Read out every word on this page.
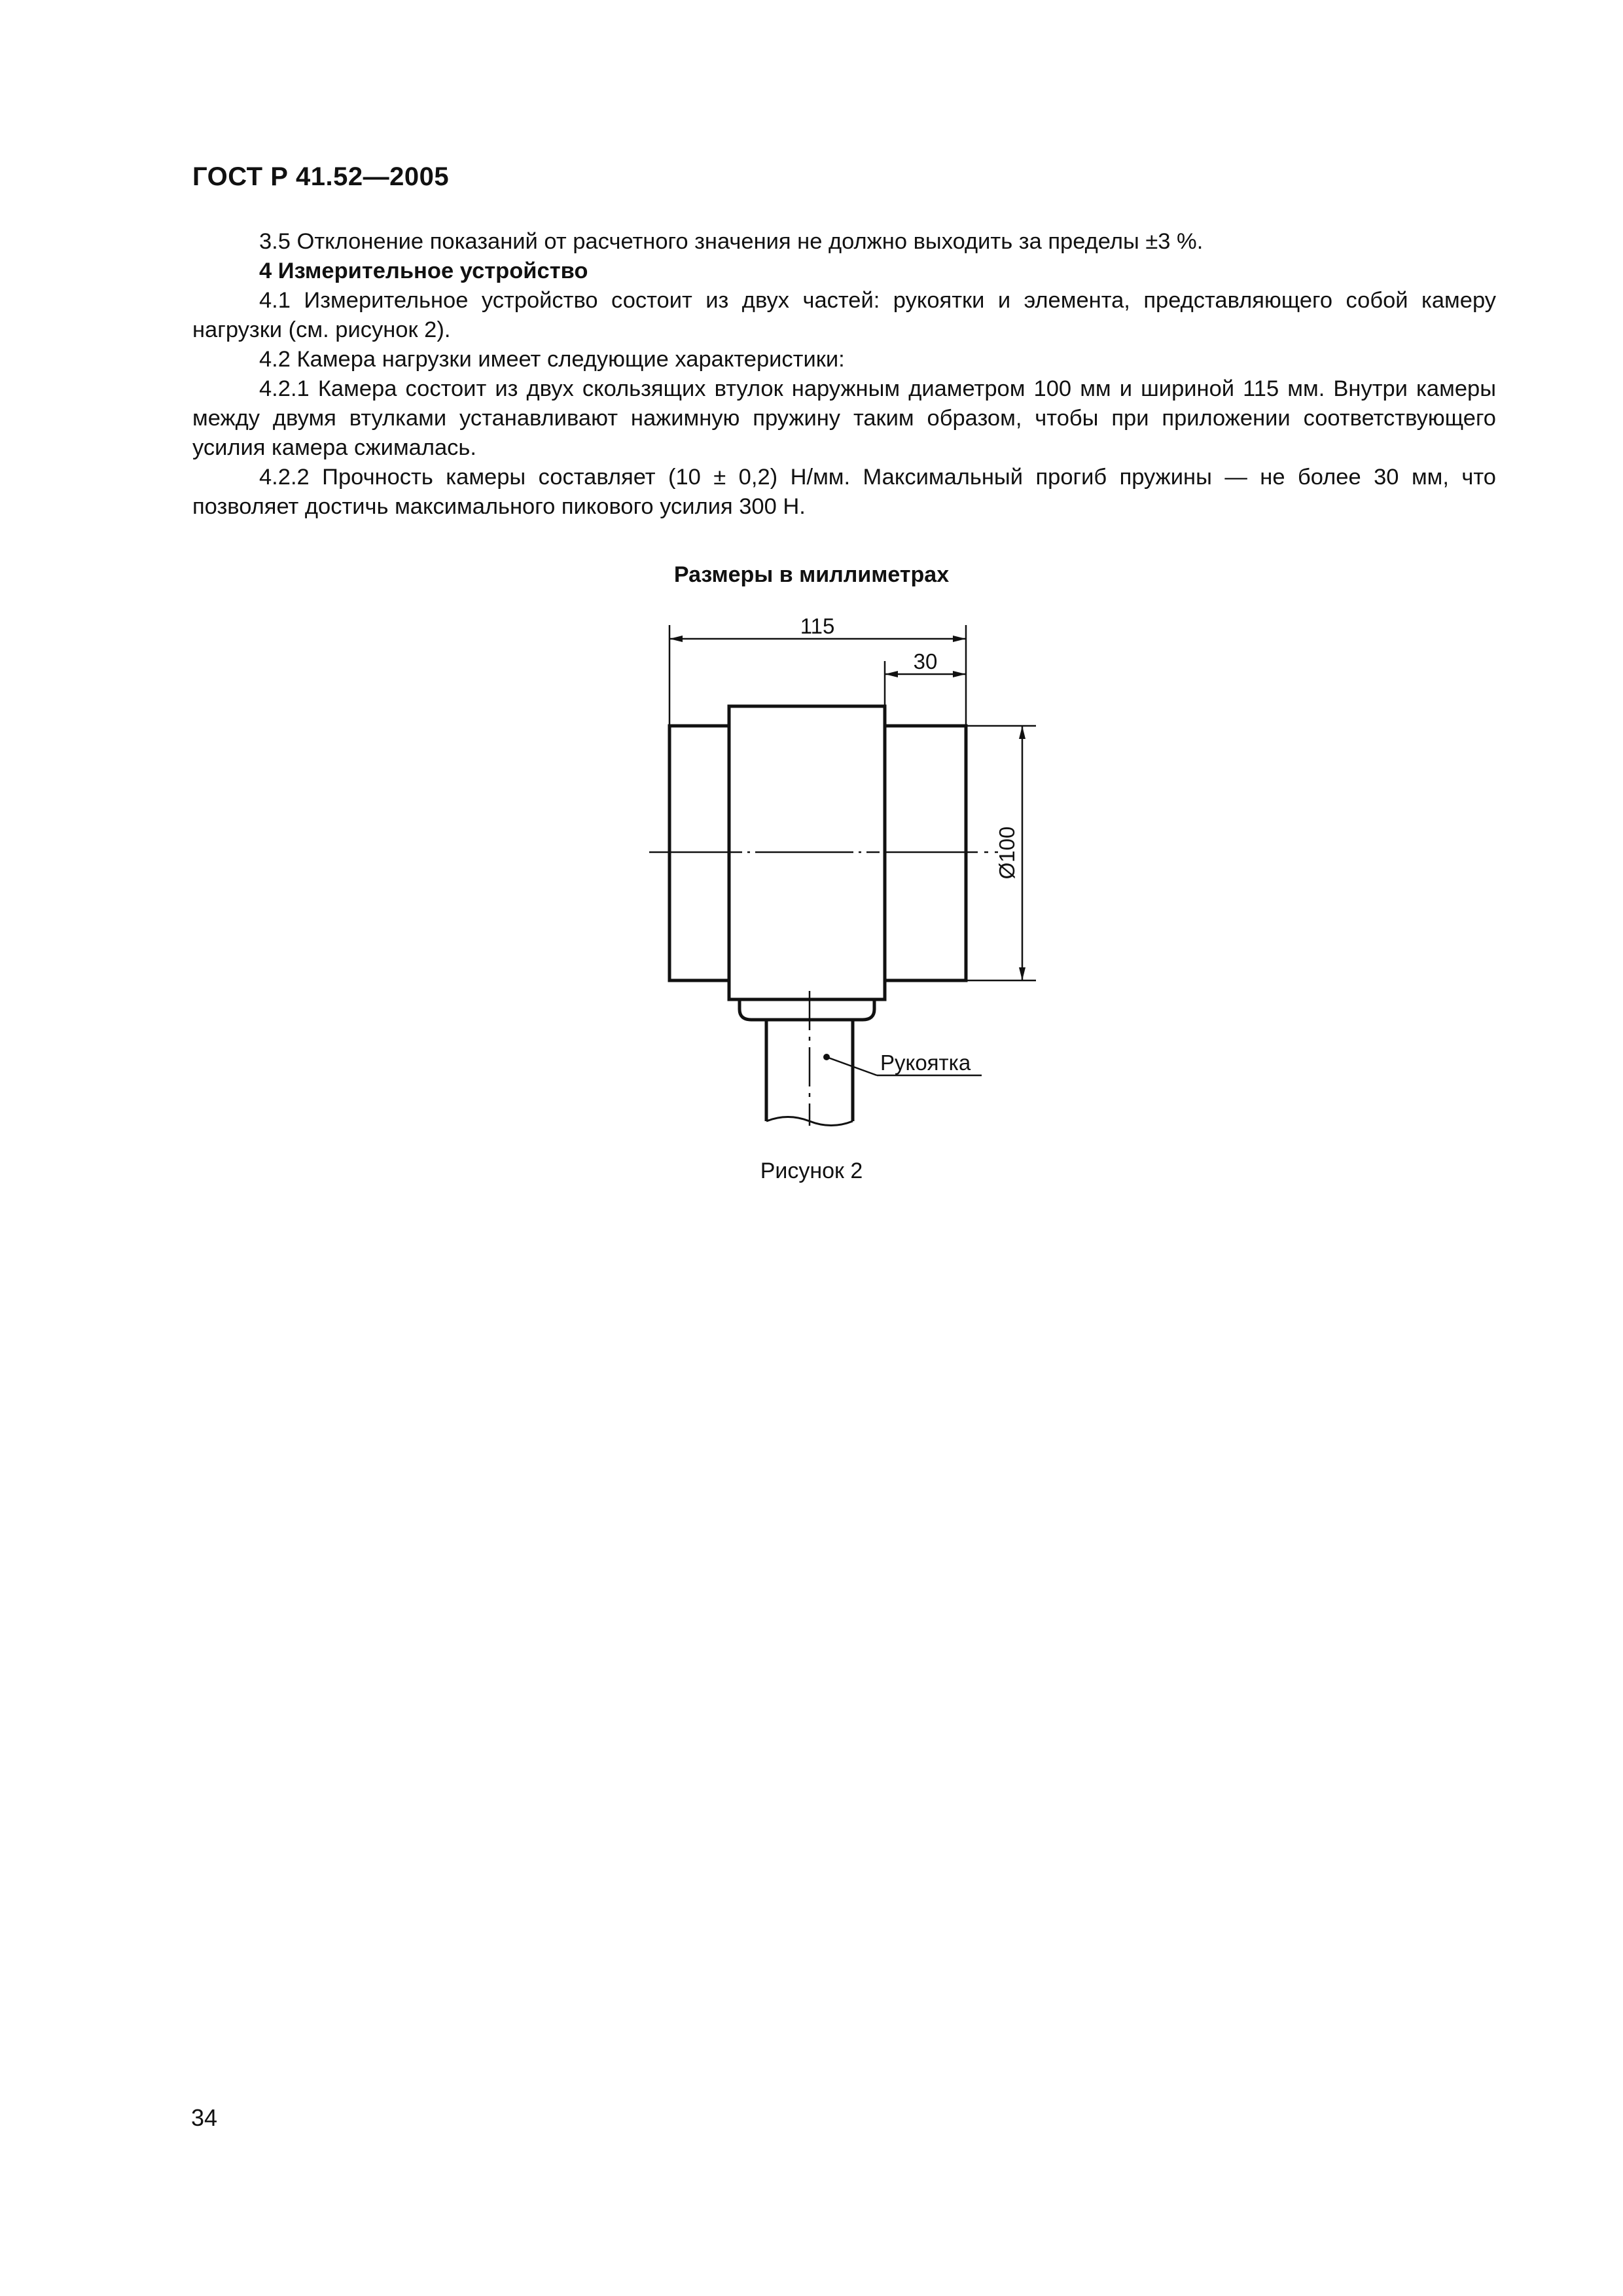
ГОСТ Р 41.52—2005

3.5 Отклонение показаний от расчетного значения не должно выходить за пределы ±3 %.

4 Измерительное устройство

4.1 Измерительное устройство состоит из двух частей: рукоятки и элемента, представляющего собой камеру нагрузки (см. рисунок 2).

4.2 Камера нагрузки имеет следующие характеристики:

4.2.1 Камера состоит из двух скользящих втулок наружным диаметром 100 мм и шириной 115 мм. Внутри камеры между двумя втулками устанавливают нажимную пружину таким образом, чтобы при приложении соответствующего усилия камера сжималась.

4.2.2 Прочность камеры составляет (10 ± 0,2) Н/мм. Максимальный прогиб пружины — не более 30 мм, что позволяет достичь максимального пикового усилия 300 Н.

Размеры в миллиметрах
115
30
Ø100
Рукоятка
Рисунок 2
34
